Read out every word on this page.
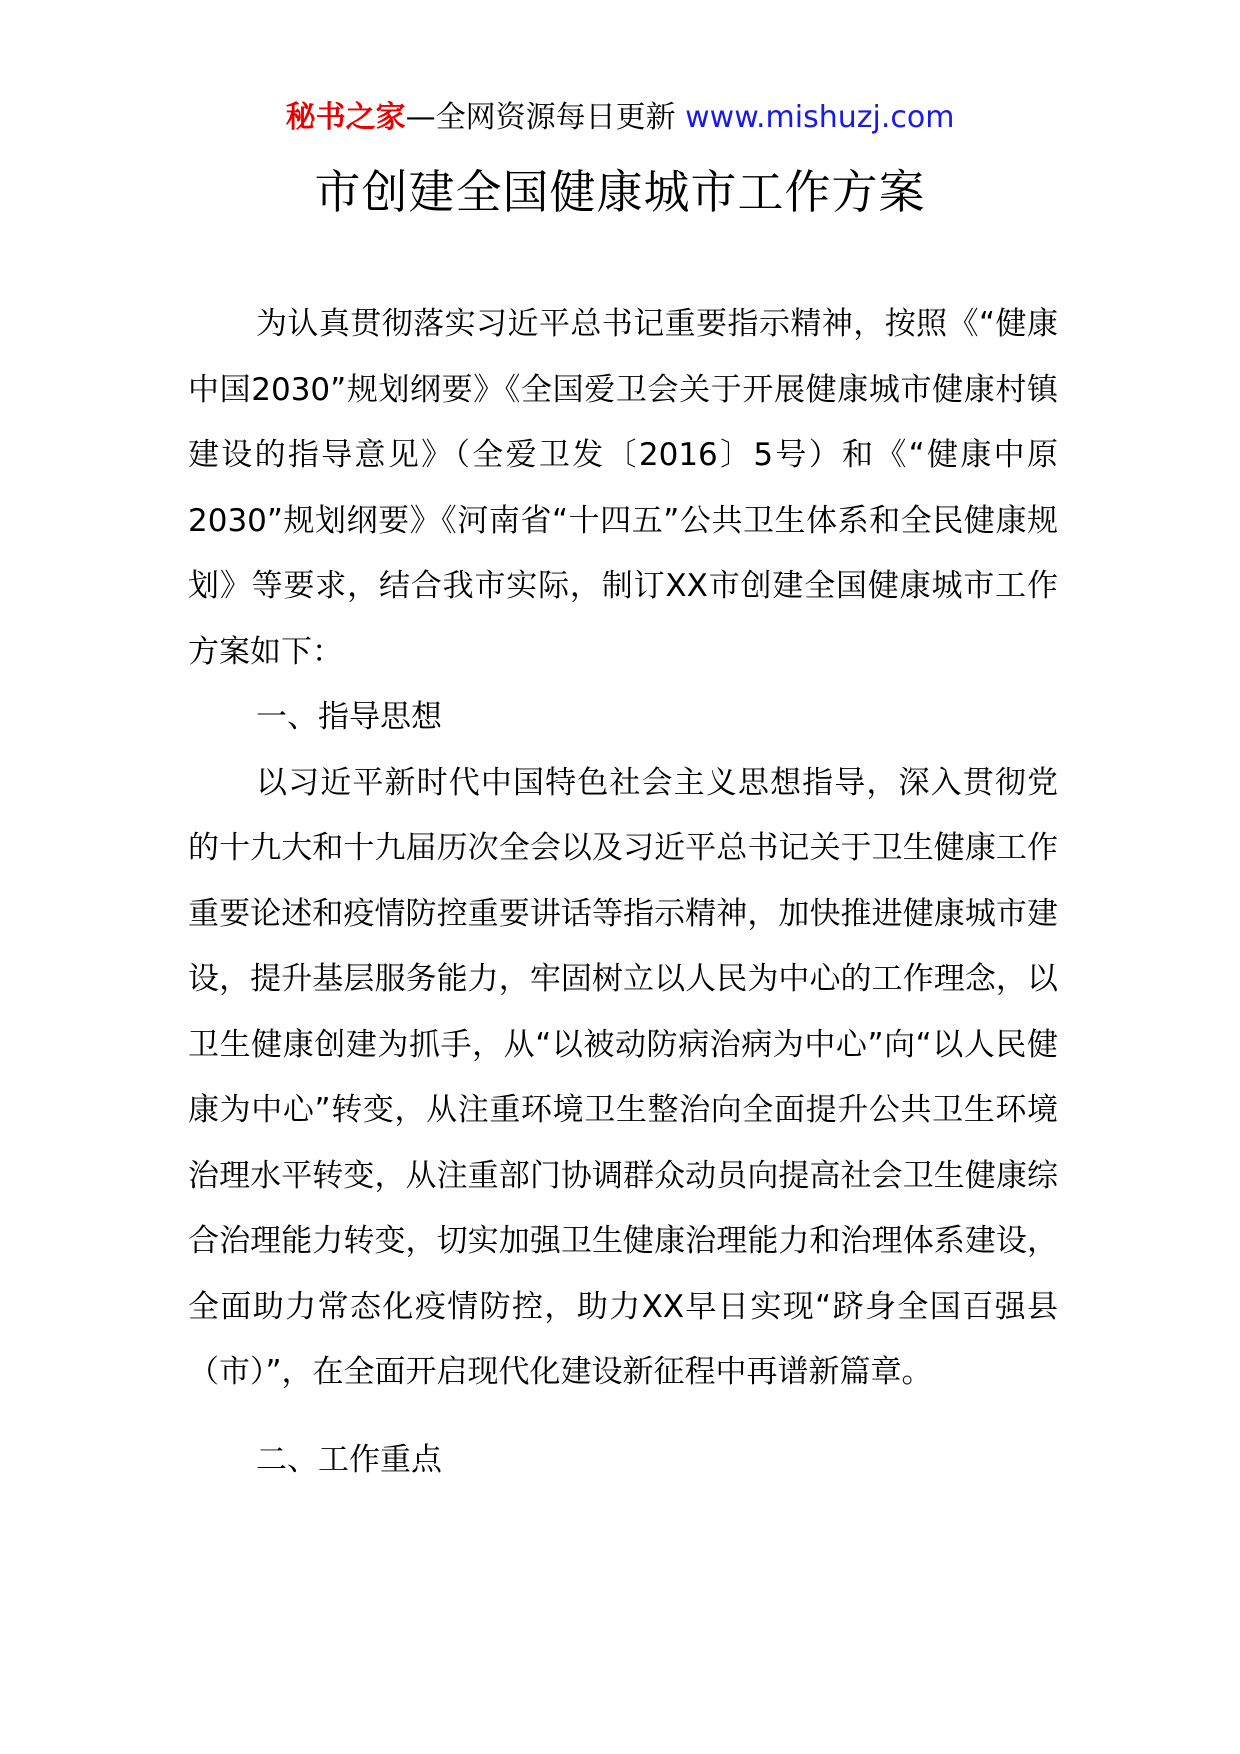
秘书之家—全网资源每日更新 www.mishuzj.com
市创建全国健康城市工作方案

为认真贯彻落实习近平总书记重要指示精神，按照《“健康中国2030”规划纲要》《全国爱卫会关于开展健康城市健康村镇建设的指导意见》（全爱卫发〔2016〕5号）和《“健康中原2030”规划纲要》《河南省“十四五”公共卫生体系和全民健康规划》等要求，结合我市实际，制订XX市创建全国健康城市工作方案如下：

一、指导思想

以习近平新时代中国特色社会主义思想指导，深入贯彻党的十九大和十九届历次全会以及习近平总书记关于卫生健康工作重要论述和疫情防控重要讲话等指示精神，加快推进健康城市建设，提升基层服务能力，牢固树立以人民为中心的工作理念，以卫生健康创建为抓手，从“以被动防病治病为中心”向“以人民健康为中心”转变，从注重环境卫生整治向全面提升公共卫生环境治理水平转变，从注重部门协调群众动员向提高社会卫生健康综合治理能力转变，切实加强卫生健康治理能力和治理体系建设，全面助力常态化疫情防控，助力XX早日实现“跻身全国百强县（市）”，在全面开启现代化建设新征程中再谱新篇章。

二、工作重点
